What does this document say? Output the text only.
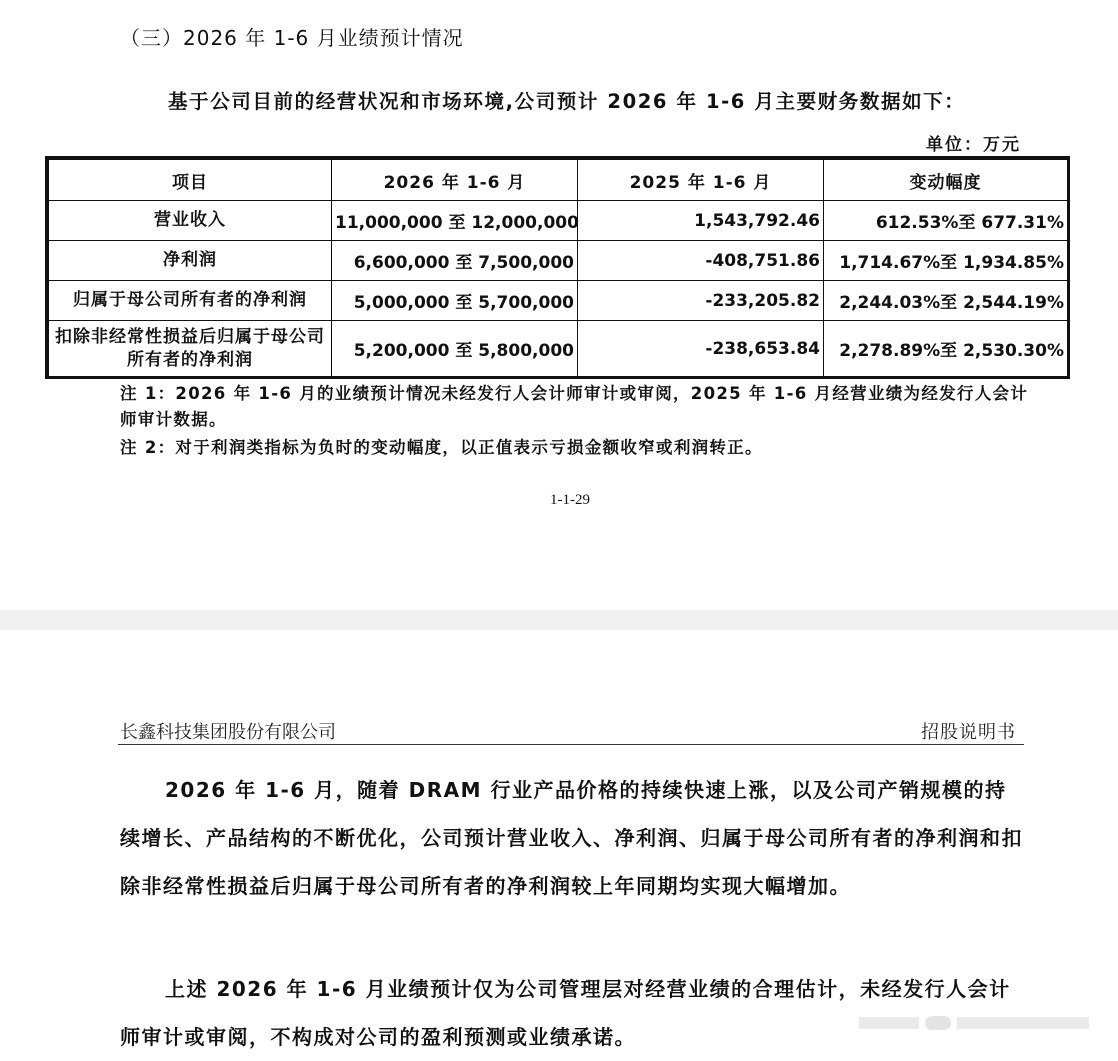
（三）2026 年 1-6 月业绩预计情况
基于公司目前的经营状况和市场环境,公司预计 2026 年 1-6 月主要财务数据如下：
单位：万元
项目	2026 年 1-6 月	2025 年 1-6 月	变动幅度
营业收入	11,000,000 至 12,000,000	1,543,792.46	612.53%至 677.31%
净利润	6,600,000 至 7,500,000	-408,751.86	1,714.67%至 1,934.85%
归属于母公司所有者的净利润	5,000,000 至 5,700,000	-233,205.82	2,244.03%至 2,544.19%
扣除非经常性损益后归属于母公司所有者的净利润	5,200,000 至 5,800,000	-238,653.84	2,278.89%至 2,530.30%
注 1：2026 年 1-6 月的业绩预计情况未经发行人会计师审计或审阅，2025 年 1-6 月经营业绩为经发行人会计师审计数据。
注 2：对于利润类指标为负时的变动幅度，以正值表示亏损金额收窄或利润转正。
1-1-29
长鑫科技集团股份有限公司	招股说明书
2026 年 1-6 月，随着 DRAM 行业产品价格的持续快速上涨，以及公司产销规模的持续增长、产品结构的不断优化，公司预计营业收入、净利润、归属于母公司所有者的净利润和扣除非经常性损益后归属于母公司所有者的净利润较上年同期均实现大幅增加。
上述 2026 年 1-6 月业绩预计仅为公司管理层对经营业绩的合理估计，未经发行人会计师审计或审阅，不构成对公司的盈利预测或业绩承诺。
